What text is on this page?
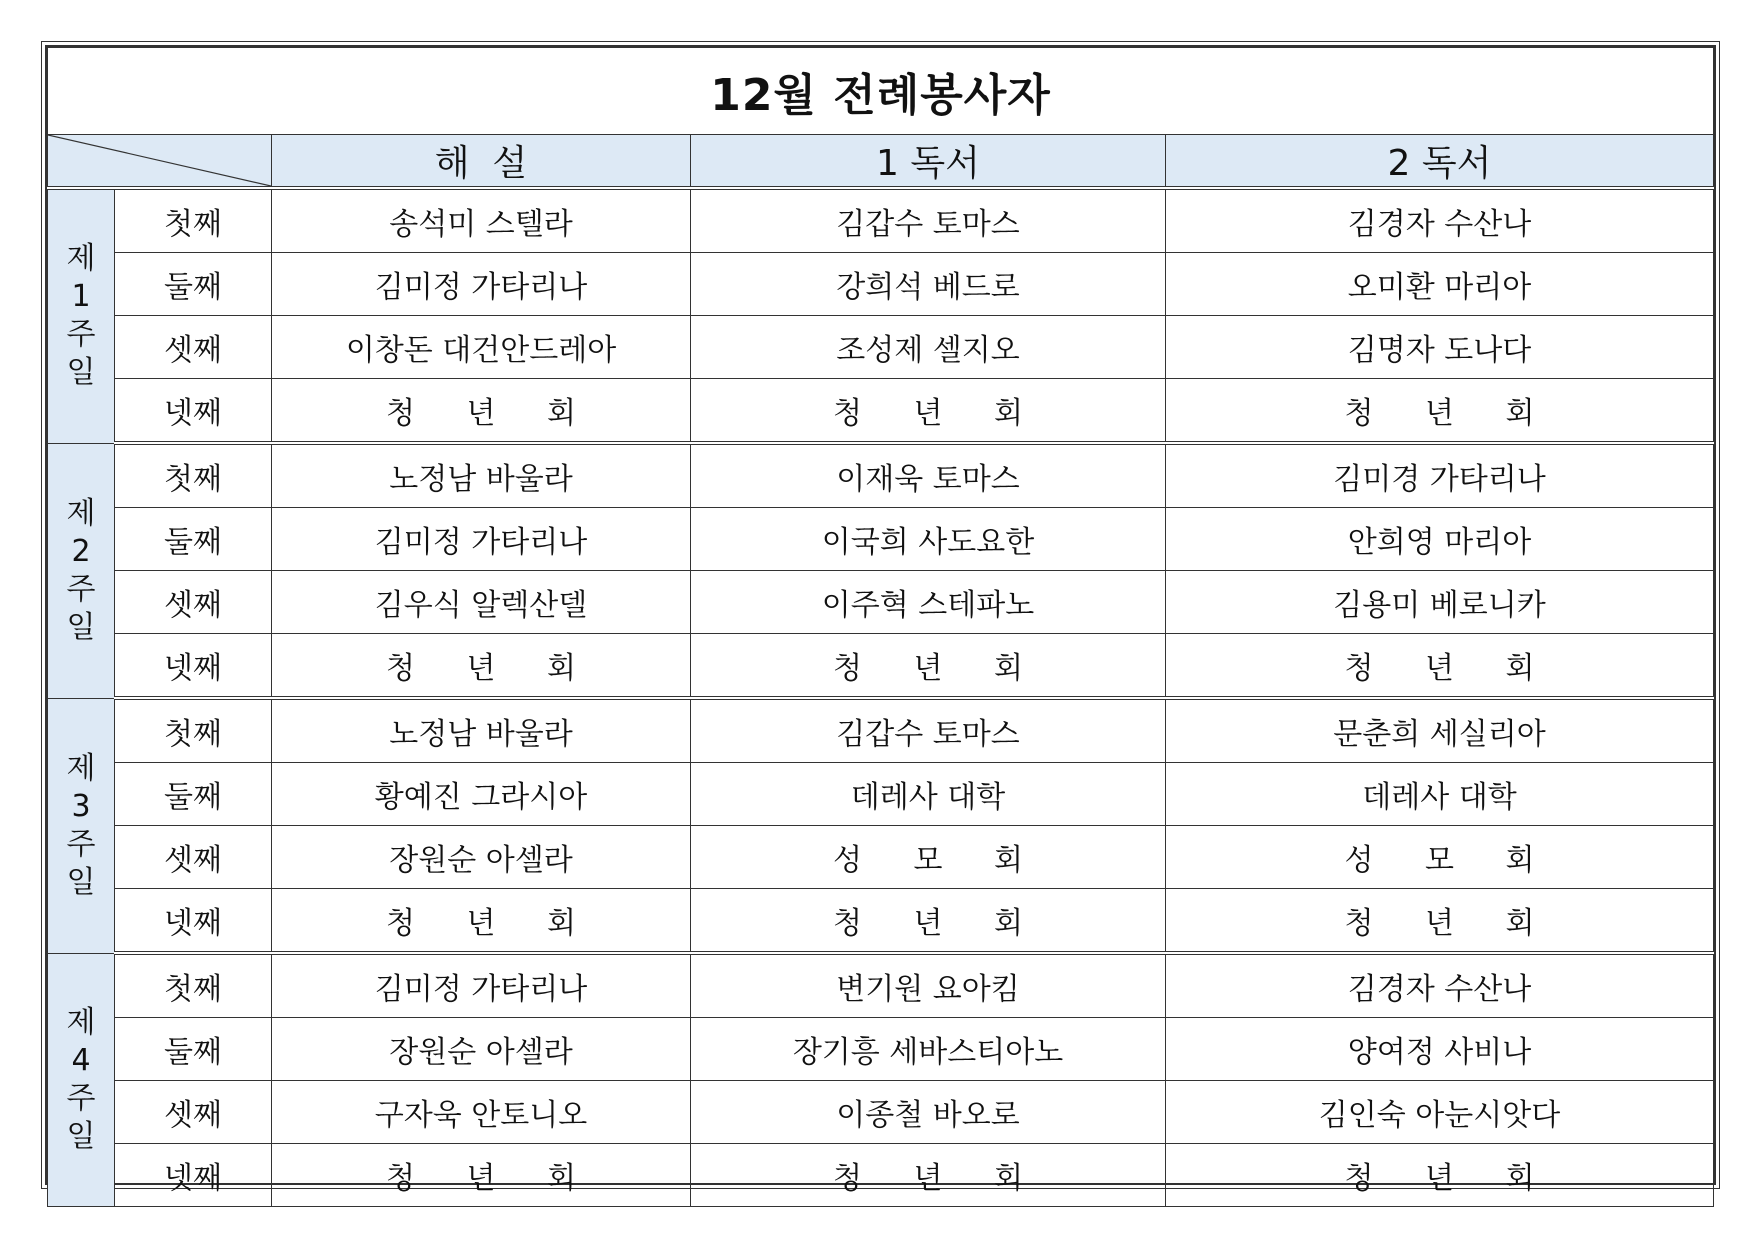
12월 전례봉사자				

	해  설	1 독서	2 독서

제
1
주
일	첫째	송석미 스텔라	김갑수 토마스	김경자 수산나
	둘째	김미정 가타리나	강희석 베드로	오미환 마리아
	셋째	이창돈 대건안드레아	조성제 셀지오	김명자 도나다
	넷째	청 년 회	청 년 회	청 년 회

제
2
주
일	첫째	노정남 바울라	이재욱 토마스	김미경 가타리나
	둘째	김미정 가타리나	이국희 사도요한	안희영 마리아
	셋째	김우식 알렉산델	이주혁 스테파노	김용미 베로니카
	넷째	청 년 회	청 년 회	청 년 회

제
3
주
일	첫째	노정남 바울라	김갑수 토마스	문춘희 세실리아
	둘째	황예진 그라시아	데레사 대학	데레사 대학
	셋째	장원순 아셀라	성 모 회	성 모 회
	넷째	청 년 회	청 년 회	청 년 회

제
4
주
일	첫째	김미정 가타리나	변기원 요아킴	김경자 수산나
	둘째	장원순 아셀라	장기흥 세바스티아노	양여정 사비나
	셋째	구자욱 안토니오	이종철 바오로	김인숙 아눈시앗다
	넷째	청 년 회	청 년 회	청 년 회
